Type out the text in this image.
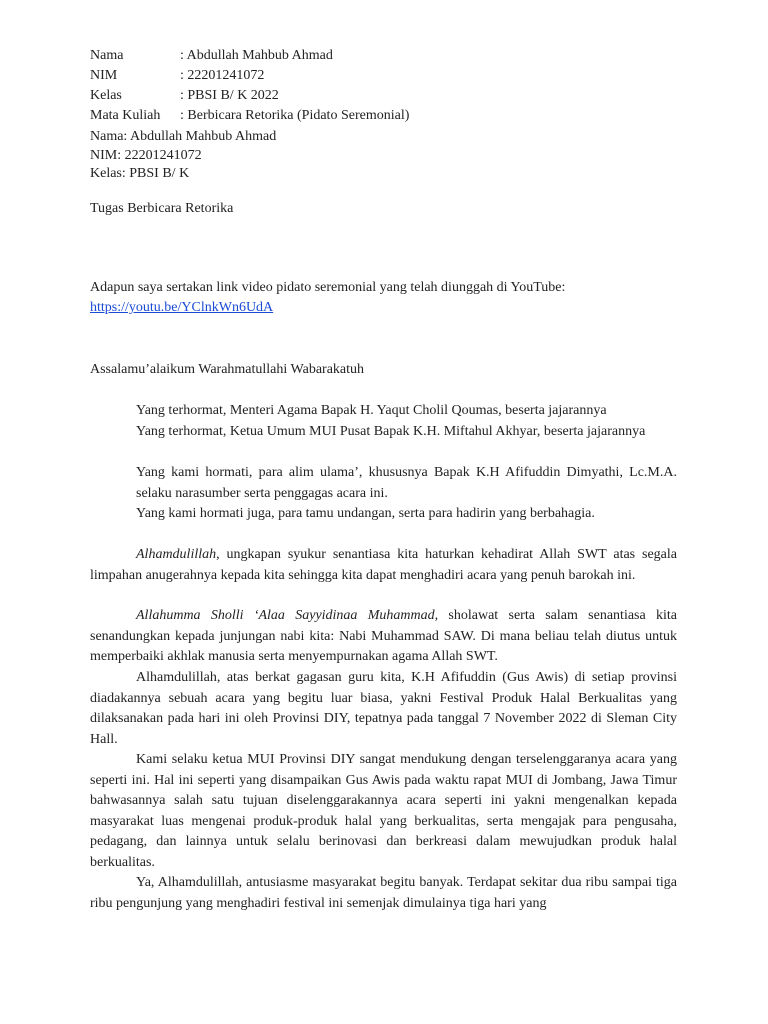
Nama	: Abdullah Mahbub Ahmad
NIM	: 22201241072
Kelas	: PBSI B/ K 2022
Mata Kuliah : Berbicara Retorika (Pidato Seremonial)
Nama: Abdullah Mahbub Ahmad
NIM: 22201241072
Kelas: PBSI B/ K
Tugas Berbicara Retorika
Adapun saya sertakan link video pidato seremonial yang telah diunggah di YouTube:
https://youtu.be/YClnkWn6UdA
Assalamu’alaikum Warahmatullahi Wabarakatuh

Yang terhormat, Menteri Agama Bapak H. Yaqut Cholil Qoumas, beserta jajarannya

Yang terhormat, Ketua Umum MUI Pusat Bapak K.H. Miftahul Akhyar, beserta jajarannya

Yang kami hormati, para alim ulama’, khususnya Bapak K.H Afifuddin Dimyathi, Lc.M.A. selaku narasumber serta penggagas acara ini.

Yang kami hormati juga, para tamu undangan, serta para hadirin yang berbahagia.

Alhamdulillah, ungkapan syukur senantiasa kita haturkan kehadirat Allah SWT atas segala limpahan anugerahnya kepada kita sehingga kita dapat menghadiri acara yang penuh barokah ini.

Allahumma Sholli ‘Alaa Sayyidinaa Muhammad, sholawat serta salam senantiasa kita senandungkan kepada junjungan nabi kita: Nabi Muhammad SAW. Di mana beliau telah diutus untuk memperbaiki akhlak manusia serta menyempurnakan agama Allah SWT.

Alhamdulillah, atas berkat gagasan guru kita, K.H Afifuddin (Gus Awis) di setiap provinsi diadakannya sebuah acara yang begitu luar biasa, yakni Festival Produk Halal Berkualitas yang dilaksanakan pada hari ini oleh Provinsi DIY, tepatnya pada tanggal 7 November 2022 di Sleman City Hall.

Kami selaku ketua MUI Provinsi DIY sangat mendukung dengan terselenggaranya acara yang seperti ini. Hal ini seperti yang disampaikan Gus Awis pada waktu rapat MUI di Jombang, Jawa Timur bahwasannya salah satu tujuan diselenggarakannya acara seperti ini yakni mengenalkan kepada masyarakat luas mengenai produk-produk halal yang berkualitas, serta mengajak para pengusaha, pedagang, dan lainnya untuk selalu berinovasi dan berkreasi dalam mewujudkan produk halal berkualitas.

Ya, Alhamdulillah, antusiasme masyarakat begitu banyak. Terdapat sekitar dua ribu sampai tiga ribu pengunjung yang menghadiri festival ini semenjak dimulainya tiga hari yang
